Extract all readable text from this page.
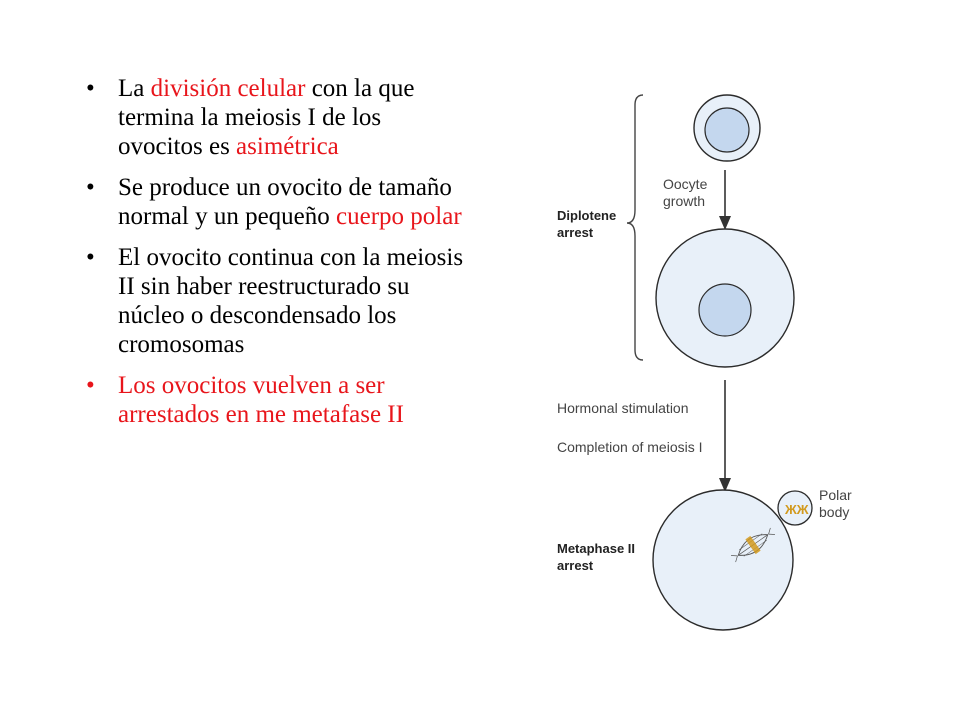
• La división celular con la que termina la meiosis I de los ovocitos es asimétrica
• Se produce un ovocito de tamaño normal y un pequeño cuerpo polar
• El ovocito continua con la meiosis II sin haber reestructurado su núcleo o descondensado los cromosomas
• Los ovocitos vuelven a ser arrestados en me metafase II
Diplotene arrest
Oocyte growth
Hormonal stimulation
Completion of meiosis I
ЖЖ
Polar body
Metaphase II arrest
